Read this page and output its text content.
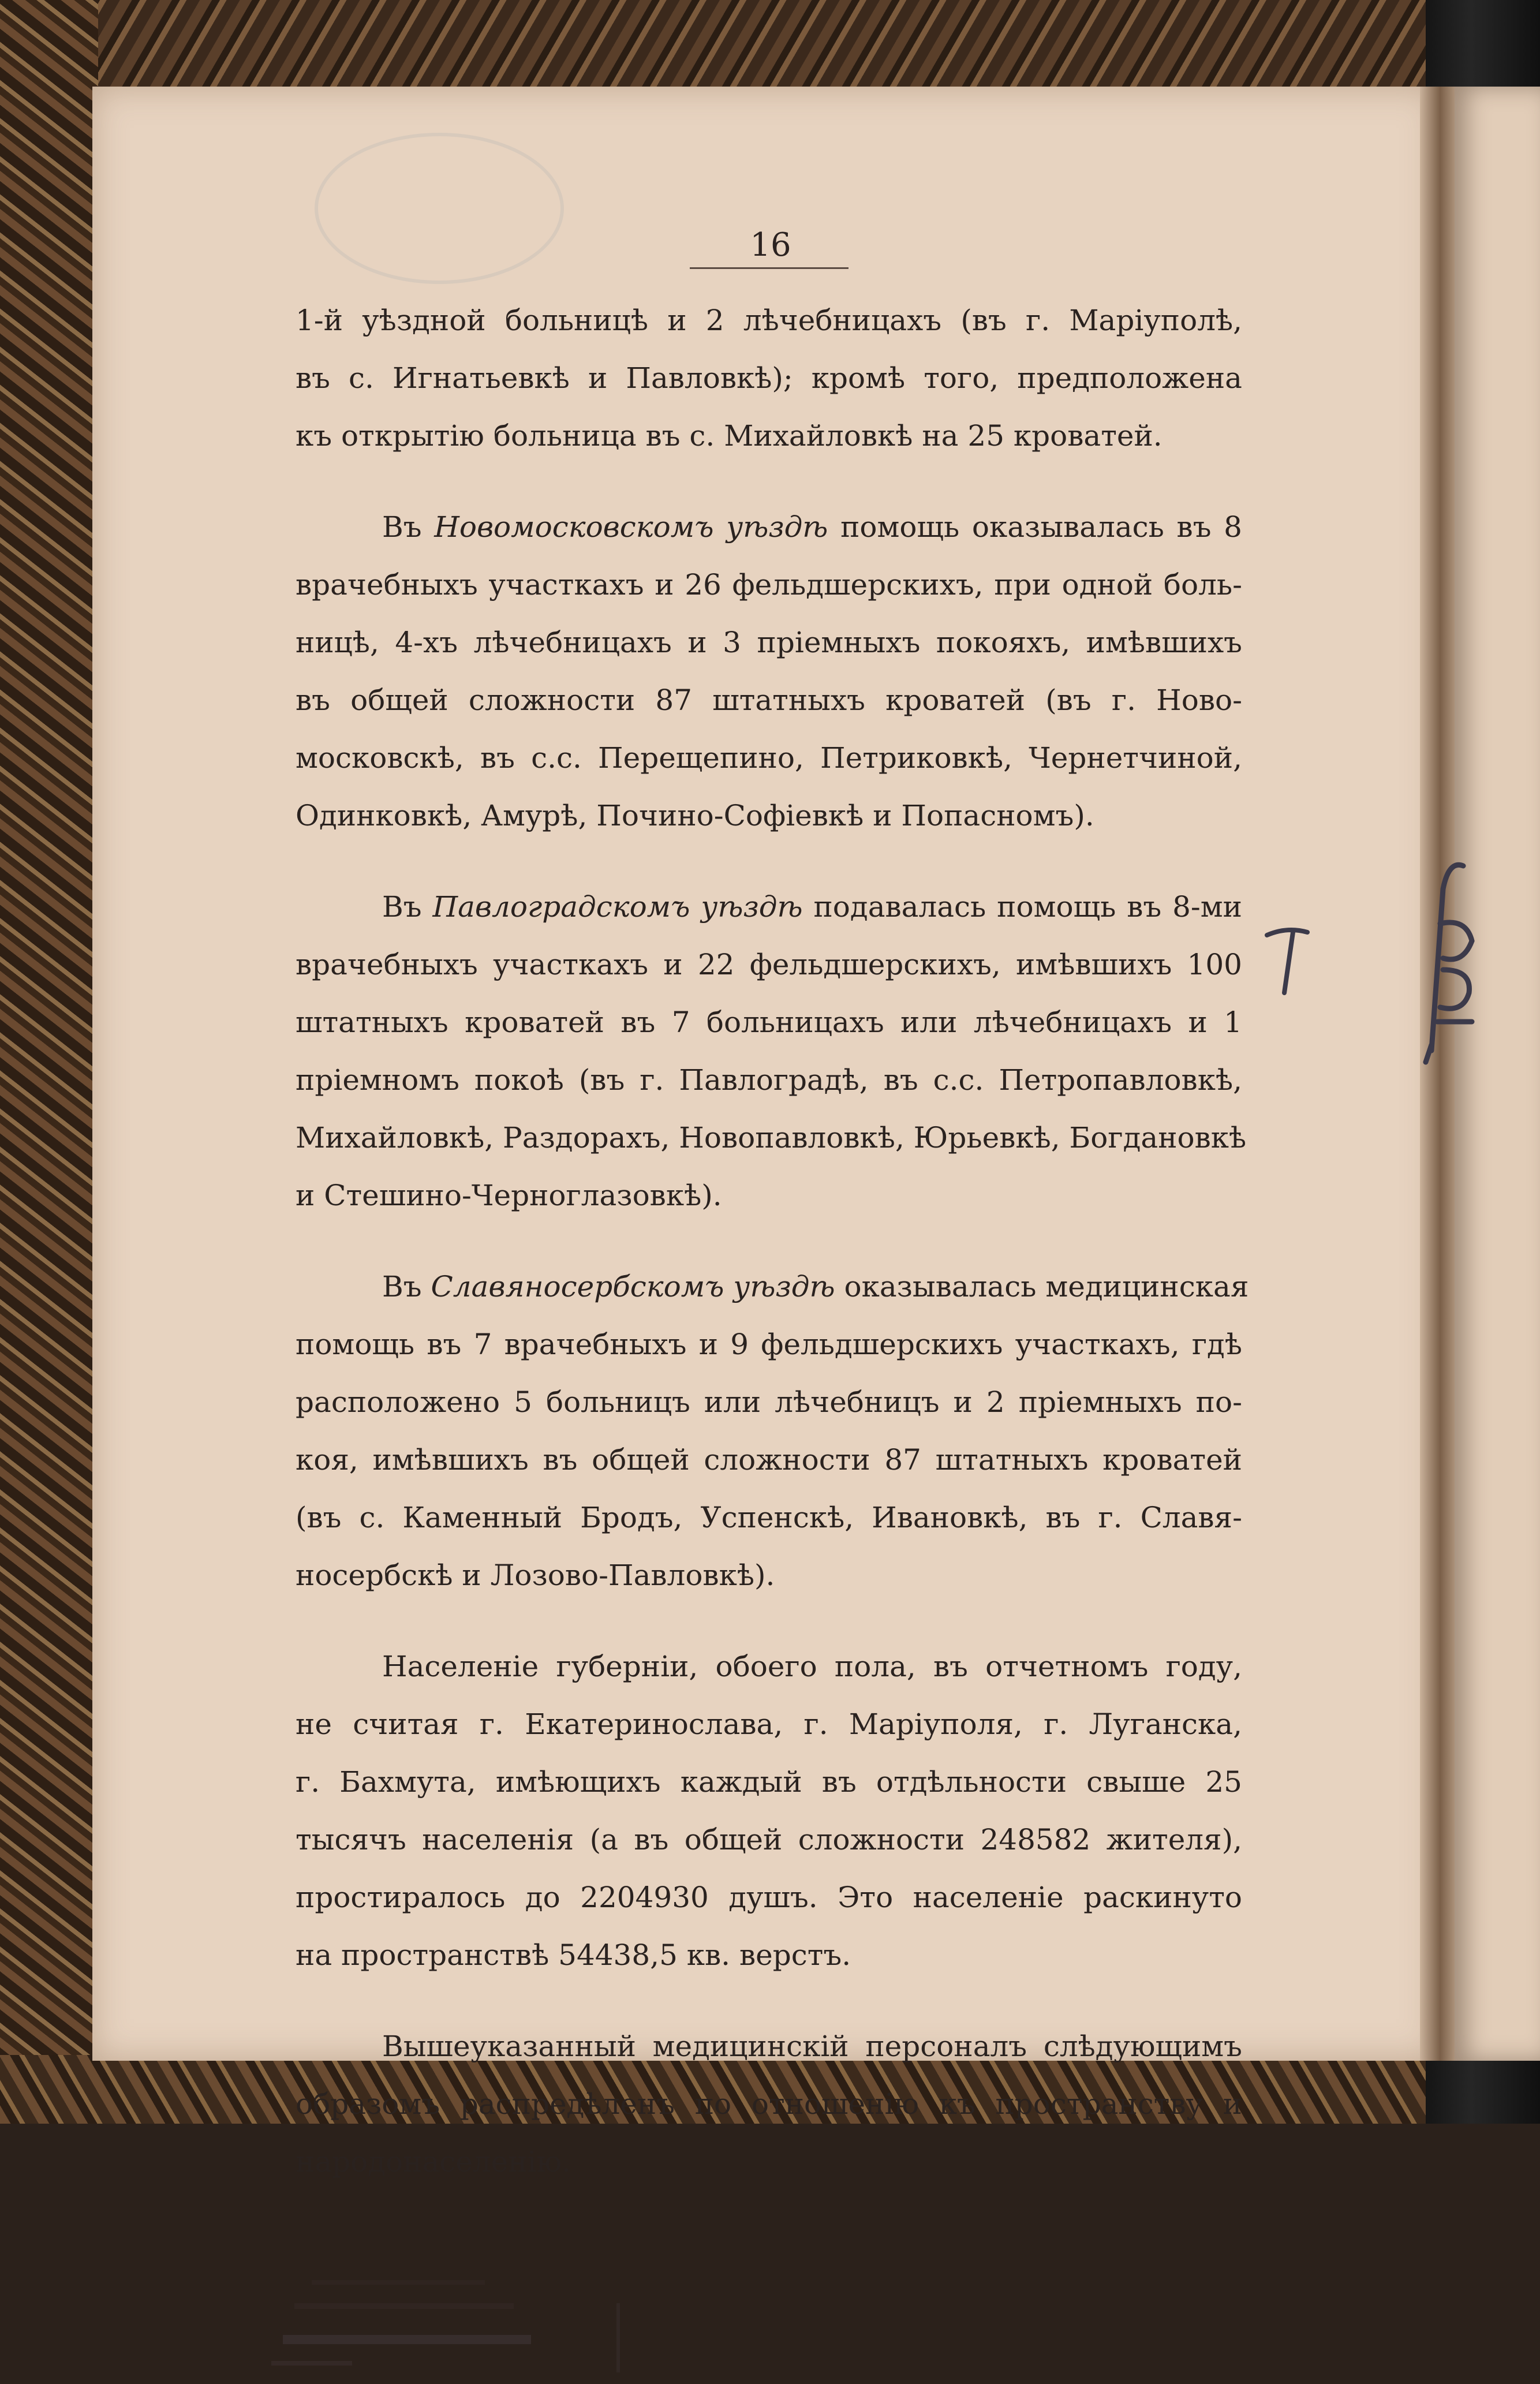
16

1-й уѣздной больницѣ и 2 лѣчебницахъ (въ г. Маріуполѣ,
въ с. Игнатьевкѣ и Павловкѣ); кромѣ того, предположена
къ открытію больница въ с. Михайловкѣ на 25 кроватей.

Въ Новомосковскомъ уѣздѣ помощь оказывалась въ 8
врачебныхъ участкахъ и 26 фельдшерскихъ, при одной боль-
ницѣ, 4-хъ лѣчебницахъ и 3 пріемныхъ покояхъ, имѣвшихъ
въ общей сложности 87 штатныхъ кроватей (въ г. Ново-
московскѣ, въ с.с. Перещепино, Петриковкѣ, Чернетчиной,
Одинковкѣ, Амурѣ, Почино-Софіевкѣ и Попасномъ).

Въ Павлоградскомъ уѣздѣ подавалась помощь въ 8-ми
врачебныхъ участкахъ и 22 фельдшерскихъ, имѣвшихъ 100
штатныхъ кроватей въ 7 больницахъ или лѣчебницахъ и 1
пріемномъ покоѣ (въ г. Павлоградѣ, въ с.с. Петропавловкѣ,
Михайловкѣ, Раздорахъ, Новопавловкѣ, Юрьевкѣ, Богдановкѣ
и Стешино-Черноглазовкѣ).

Въ Славяносербскомъ уѣздѣ оказывалась медицинская
помощь въ 7 врачебныхъ и 9 фельдшерскихъ участкахъ, гдѣ
расположено 5 больницъ или лѣчебницъ и 2 пріемныхъ по-
коя, имѣвшихъ въ общей сложности 87 штатныхъ кроватей
(въ с. Каменный Бродъ, Успенскѣ, Ивановкѣ, въ г. Славя-
носербскѣ и Лозово-Павловкѣ).

Населеніе губерніи, обоего пола, въ отчетномъ году,
не считая г. Екатеринослава, г. Маріуполя, г. Луганска,
г. Бахмута, имѣющихъ каждый въ отдѣльности свыше 25
тысячъ населенія (а въ общей сложности 248582 жителя),
простиралось до 2204930 душъ. Это населеніе раскинуто
на пространствѣ 54438,5 кв. верстъ.

Вышеуказанный медицинскій персоналъ слѣдующимъ
образомъ распредѣленъ по отношенію къ пространству и
народонаселенію.
